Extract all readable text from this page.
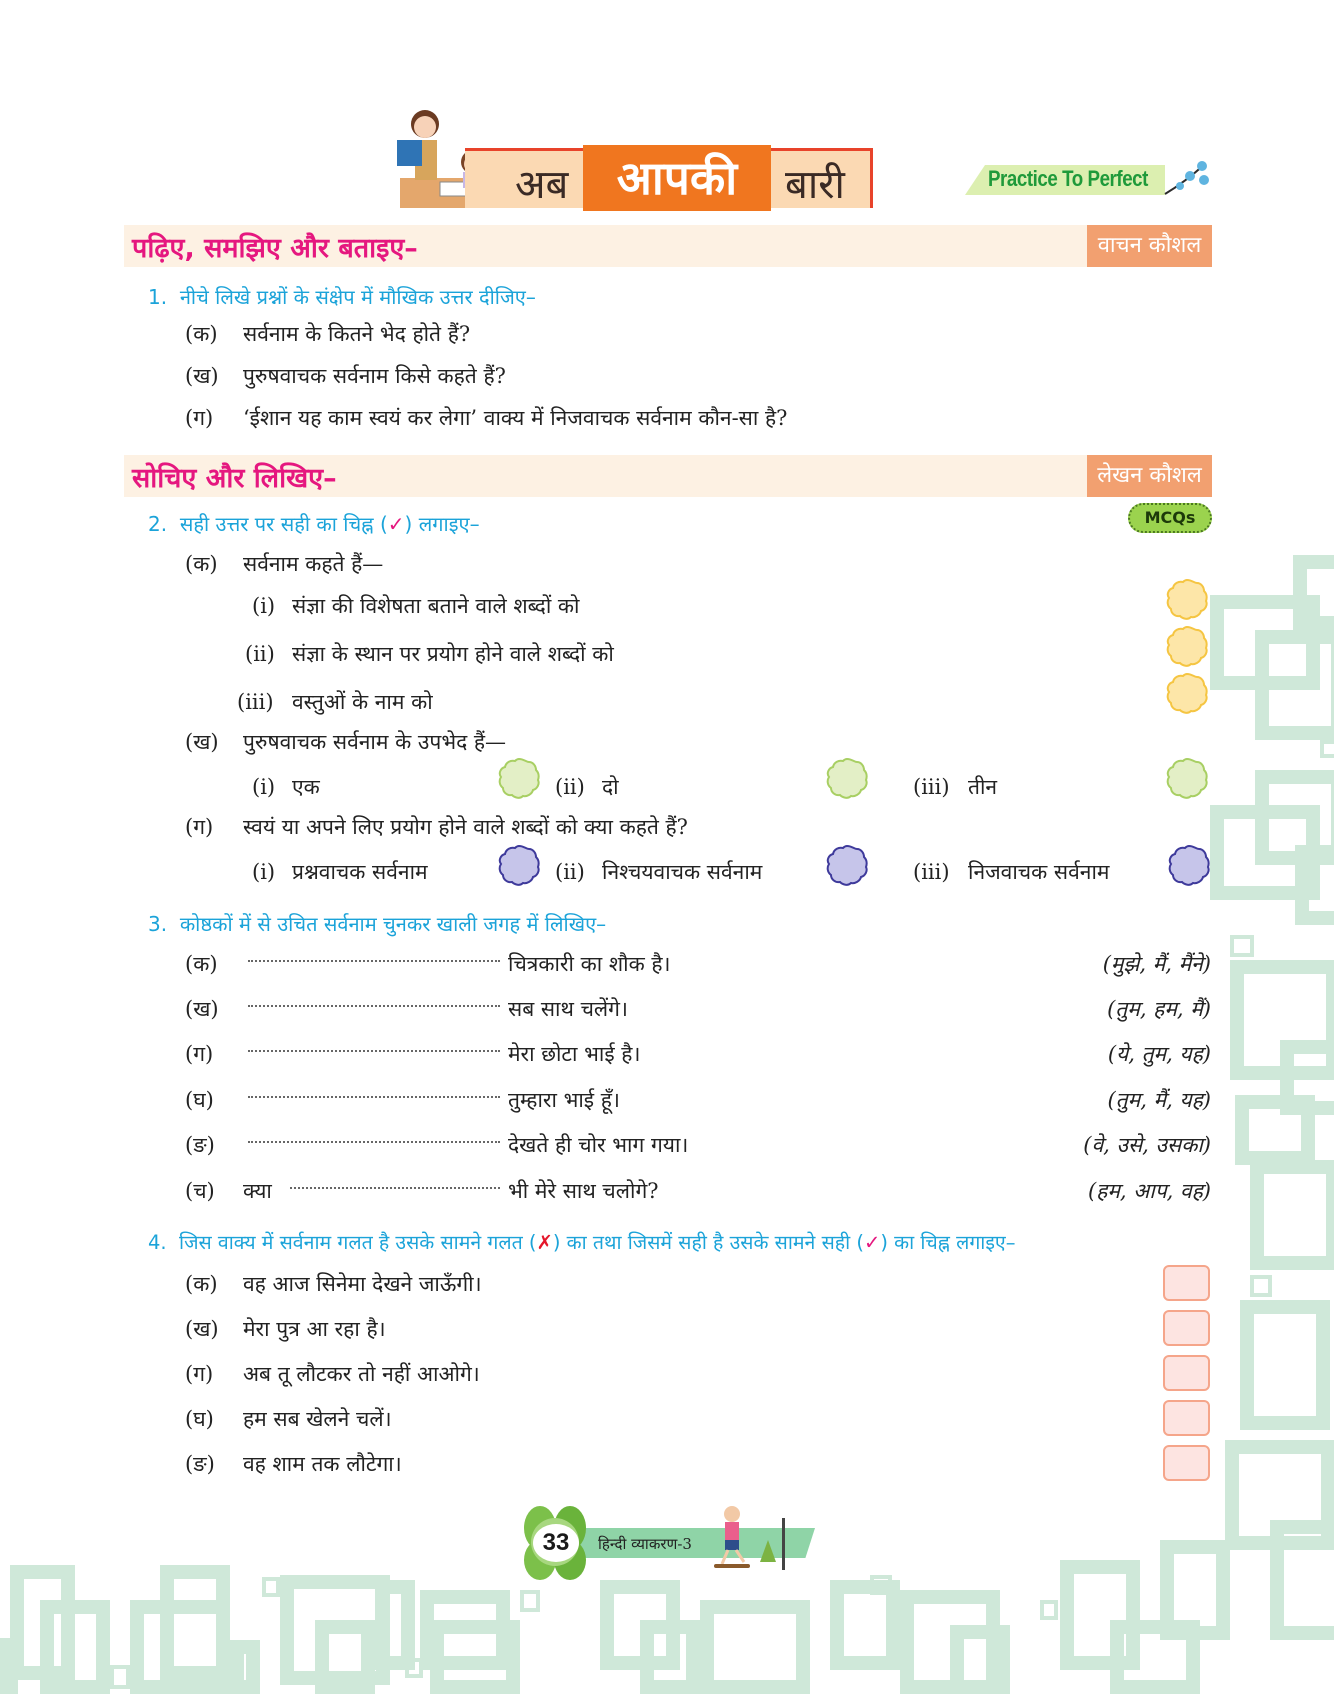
अब	आपकी	बारी	Practice To Perfect
पढ़िए, समझिए और बताइए–	वाचन कौशल
1. नीचे लिखे प्रश्नों के संक्षेप में मौखिक उत्तर दीजिए–
(क) सर्वनाम के कितने भेद होते हैं?
(ख) पुरुषवाचक सर्वनाम किसे कहते हैं?
(ग) ‘ईशान यह काम स्वयं कर लेगा’ वाक्य में निजवाचक सर्वनाम कौन-सा है?
सोचिए और लिखिए–	लेखन कौशल
2. सही उत्तर पर सही का चिह्न (✓) लगाइए–	MCQs
(क) सर्वनाम कहते हैं—
(i) संज्ञा की विशेषता बताने वाले शब्दों को
(ii) संज्ञा के स्थान पर प्रयोग होने वाले शब्दों को
(iii) वस्तुओं के नाम को
(ख) पुरुषवाचक सर्वनाम के उपभेद हैं—
(i) एक	(ii) दो	(iii) तीन
(ग) स्वयं या अपने लिए प्रयोग होने वाले शब्दों को क्या कहते हैं?
(i) प्रश्नवाचक सर्वनाम	(ii) निश्चयवाचक सर्वनाम	(iii) निजवाचक सर्वनाम
3. कोष्ठकों में से उचित सर्वनाम चुनकर खाली जगह में लिखिए–
(क)	चित्रकारी का शौक है।	(मुझे, मैं, मैंने)
(ख)	सब साथ चलेंगे।	(तुम, हम, मैं)
(ग)	मेरा छोटा भाई है।	(ये, तुम, यह)
(घ)	तुम्हारा भाई हूँ।	(तुम, मैं, यह)
(ङ)	देखते ही चोर भाग गया।	(वे, उसे, उसका)
(च) क्या	भी मेरे साथ चलोगे?	(हम, आप, वह)
4. जिस वाक्य में सर्वनाम गलत है उसके सामने गलत (✗) का तथा जिसमें सही है उसके सामने सही (✓) का चिह्न लगाइए–
(क) वह आज सिनेमा देखने जाऊँगी।
(ख) मेरा पुत्र आ रहा है।
(ग) अब तू लौटकर तो नहीं आओगे।
(घ) हम सब खेलने चलें।
(ङ) वह शाम तक लौटेगा।
33	हिन्दी व्याकरण-3
